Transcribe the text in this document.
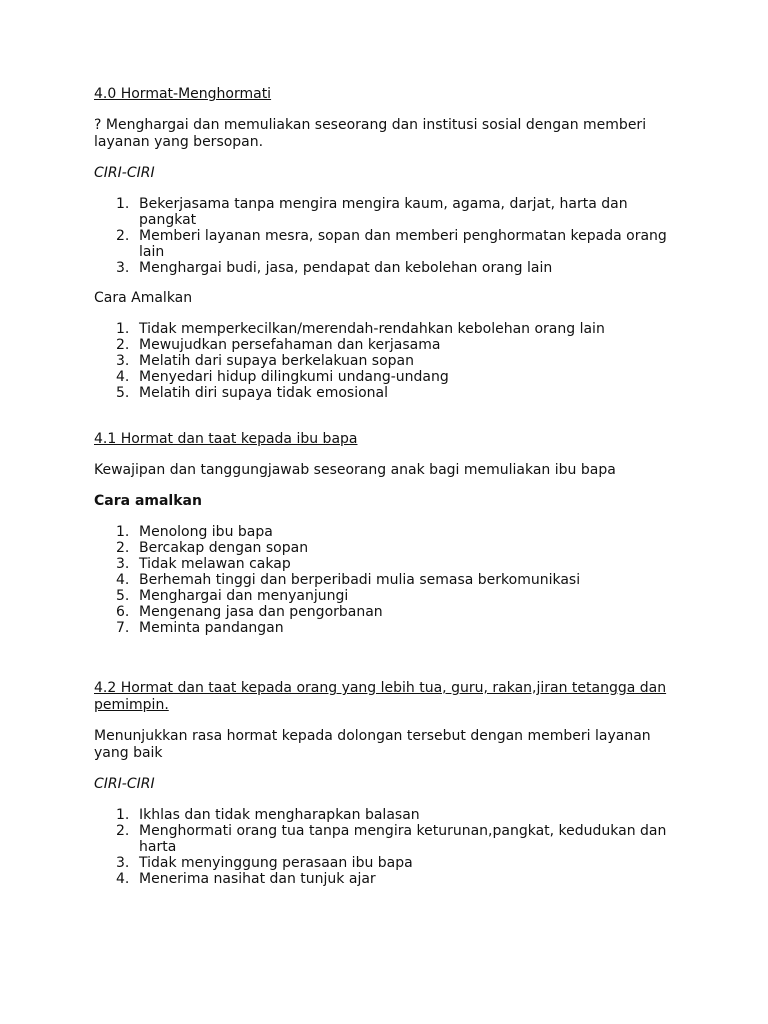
4.0 Hormat-Menghormati

? Menghargai dan memuliakan seseorang dan institusi sosial dengan memberi layanan yang bersopan.

CIRI-CIRI
1. Bekerjasama tanpa mengira mengira kaum, agama, darjat, harta dan pangkat
2. Memberi layanan mesra, sopan dan memberi penghormatan kepada orang lain
3. Menghargai budi, jasa, pendapat dan kebolehan orang lain
Cara Amalkan
1. Tidak memperkecilkan/merendah-rendahkan kebolehan orang lain
2. Mewujudkan persefahaman dan kerjasama
3. Melatih dari supaya berkelakuan sopan
4. Menyedari hidup dilingkumi undang-undang
5. Melatih diri supaya tidak emosional
4.1 Hormat dan taat kepada ibu bapa

Kewajipan dan tanggungjawab seseorang anak bagi memuliakan ibu bapa

Cara amalkan
1. Menolong ibu bapa
2. Bercakap dengan sopan
3. Tidak melawan cakap
4. Berhemah tinggi dan berperibadi mulia semasa berkomunikasi
5. Menghargai dan menyanjungi
6. Mengenang jasa dan pengorbanan
7. Meminta pandangan
4.2 Hormat dan taat kepada orang yang lebih tua, guru, rakan,jiran tetangga dan pemimpin.

Menunjukkan rasa hormat kepada dolongan tersebut dengan memberi layanan yang baik

CIRI-CIRI
1. Ikhlas dan tidak mengharapkan balasan
2. Menghormati orang tua tanpa mengira keturunan,pangkat, kedudukan dan harta
3. Tidak menyinggung perasaan ibu bapa
4. Menerima nasihat dan tunjuk ajar
